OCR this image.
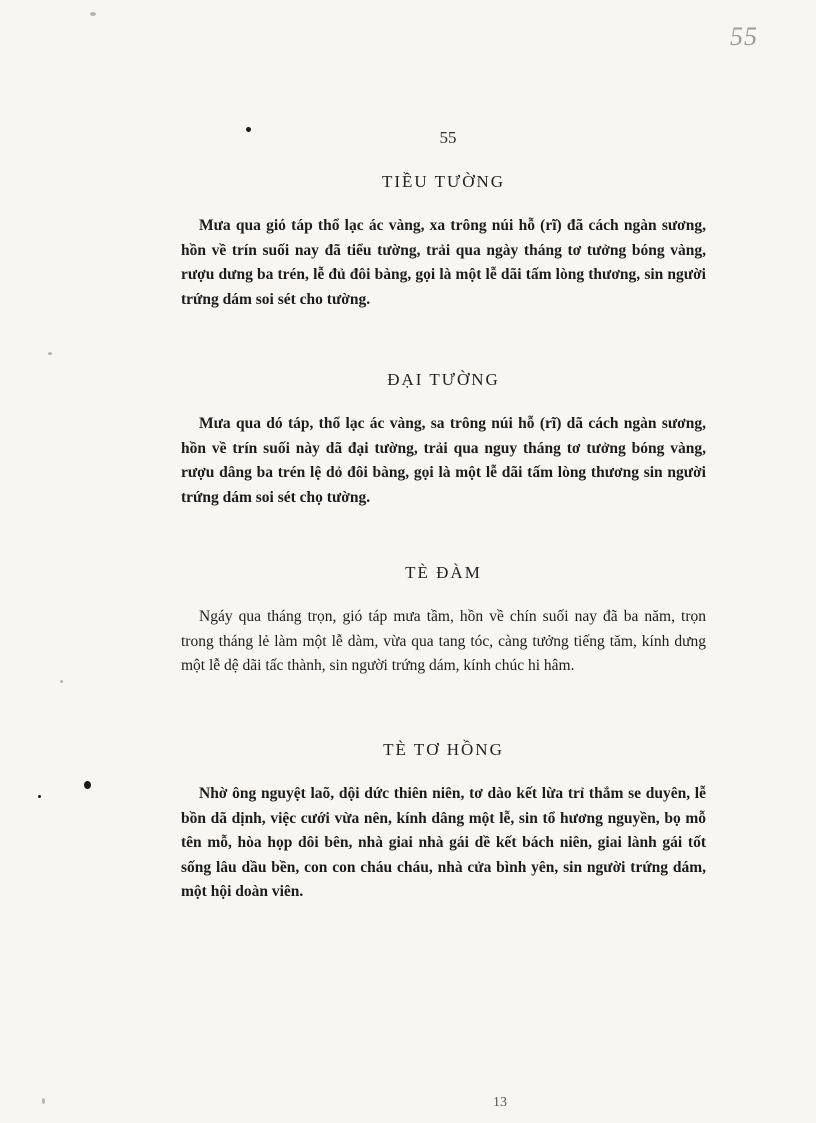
55
55
TIỀU TƯỜNG

Mưa qua gió táp thổ lạc ác vàng, xa trông núi hỗ (rĩ) đã cách ngàn sương, hồn về trín suối nay đã tiểu tường, trải qua ngày tháng tơ tưởng bóng vàng, rượu dưng ba trén, lễ đủ đôi bàng, gọi là một lễ dãi tấm lòng thương, sin người trứng dám soi sét cho tường.

ĐẠI TƯỜNG

Mưa qua dó táp, thổ lạc ác vàng, sa trông núi hỗ (rĩ) dã cách ngàn sương, hồn về trín suối này dã đại tường, trải qua nguy tháng tơ tưởng bóng vàng, rượu dâng ba trén lệ dỏ đôi bàng, gọi là một lễ dãi tấm lòng thương sin người trứng dám soi sét chọ tường.

TÈ ĐÀM

Ngáy qua tháng trọn, gió táp mưa tầm, hồn về chín suối nay đã ba năm, trọn trong tháng lẻ làm một lễ dàm, vừa qua tang tóc, càng tưởng tiếng tăm, kính dưng một lễ dệ dãi tấc thành, sin người trứng dám, kính chúc hi hâm.

TÈ TƠ HỒNG

Nhờ ông nguyệt laõ, dội dức thiên niên, tơ dào kết lừa trỉ thắm se duyên, lễ bồn dã dịnh, việc cưới vừa nên, kính dâng một lễ, sin tổ hương nguyền, bọ mỗ tên mỗ, hòa họp dôi bên, nhà giai nhà gái dề kết bách niên, giai lành gái tốt sống lâu dầu bền, con con cháu cháu, nhà cửa bình yên, sin người trứng dám, một hội doàn viên.

13
